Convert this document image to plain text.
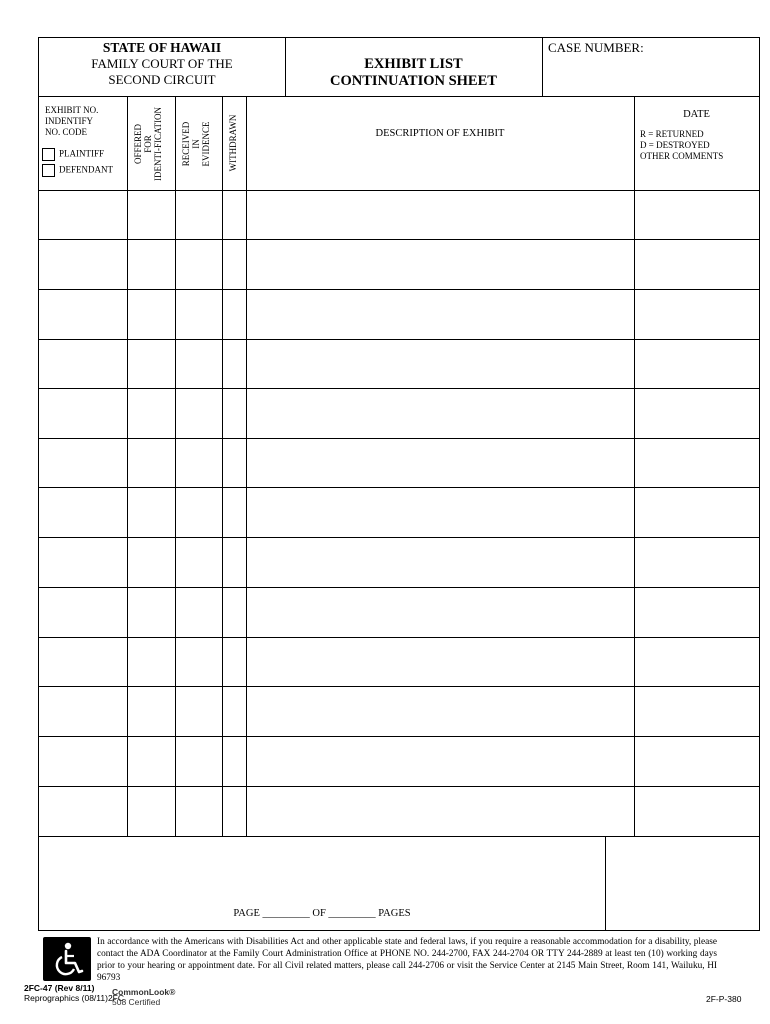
STATE OF HAWAII
FAMILY COURT OF THE
SECOND CIRCUIT
EXHIBIT LIST
CONTINUATION SHEET
CASE NUMBER:
EXHIBIT NO.
INDENTIFY
NO. CODE
PLAINTIFF
DEFENDANT
OFFERED FOR IDENTI-FICATION RECEIVED IN EVIDENCE WITHDRAWN	DESCRIPTION OF EXHIBIT
DATE
R = RETURNED
D = DESTROYED
OTHER COMMENTS
PAGE _________ OF _________ PAGES
In accordance with the Americans with Disabilities Act and other applicable state and federal laws, if you require a reasonable accommodation for a disability, please contact the ADA Coordinator at the Family Court Administration Office at PHONE NO. 244-2700, FAX 244-2704 OR TTY 244-2889 at least ten (10) working days prior to your hearing or appointment date. For all Civil related matters, please call 244-2706 or visit the Service Center at 2145 Main Street, Room 141, Wailuku, HI 96793
2FC-47 (Rev 8/11)
Reprographics (08/11)2FC
CommonLook®
508 Certified	2F-P-380
